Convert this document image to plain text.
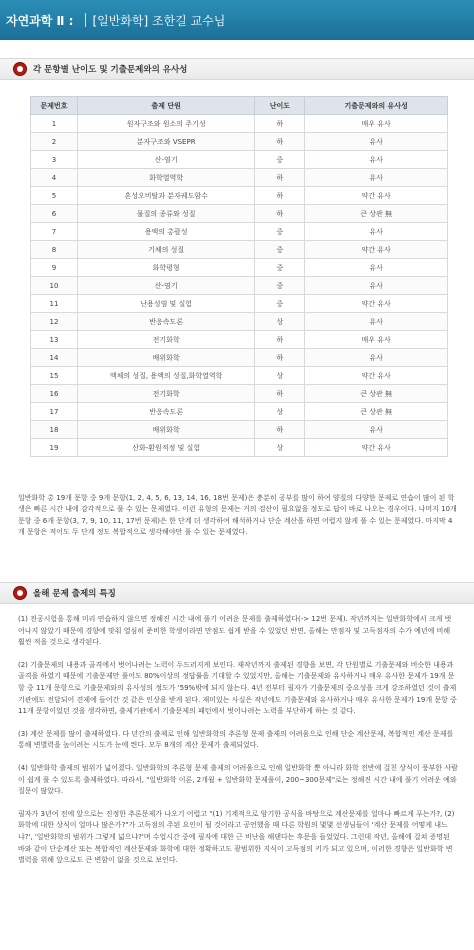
자연과학 Ⅱ :	[일반화학] 조한길 교수님
각 문항별 난이도 및 기출문제와의 유사성
문제번호	출제 단원	난이도	기출문제와의 유사성
1	원자구조와 원소의 주기성	하	매우 유사
2	분자구조와 VSEPR	하	유사
3	산-염기	중	유사
4	화학열역학	하	유사
5	혼성오비탈과 분자궤도함수	하	약간 유사
6	물질의 종류와 성질	하	큰 상관 無
7	용액의 총괄성	중	유사
8	기체의 성질	중	약간 유사
9	화학평형	중	유사
10	산-염기	중	유사
11	난용성염 및 실험	중	약간 유사
12	반응속도론	상	유사
13	전기화학	하	매우 유사
14	배위화학	하	유사
15	액체의 성질, 용액의 성질,화학열역학	상	약간 유사
16	전기화학	하	큰 상관 無
17	반응속도론	상	큰 상관 無
18	배위화학	하	유사
19	산화-환원적정 및 실험	상	약간 유사
일반화학 총 19개 문항 중 9개 문항(1, 2, 4, 5, 6, 13, 14, 16, 18번 문제)은 충분히 공부를 많이 하여 양질의 다양한 문제로 연습이 많이 된 학생은 빠른 시간 내에 감각적으로 풀 수 있는 문제였다. 이런 유형의 문제는 거의 검산이 필요없을 정도로 답이 바로 나오는 경우이다. 나머지 10개 문항 중 6개 문항(3, 7, 9, 10, 11, 17번 문제)은 한 단계 더 생각하여 해석하거나 단순 계산을 하면 어렵지 않게 풀 수 있는 문제였다. 마지막 4개 문항은 적어도 두 단계 정도 복합적으로 생각해야만 풀 수 있는 문제였다.
올해 문제 출제의 특징

(1) 전공시험을 통해 미리 연습하지 않으면 정해진 시간 내에 풀기 어려운 문제를 출제하였다(-> 12번 문제). 작년까지는 일반화학에서 크게 벗어나지 않았기 때문에 경향에 맞춰 열심히 준비한 학생이라면 만점도 쉽게 받을 수 있었던 반면, 올해는 만점자 및 고득점자의 수가 예년에 비해 훨씬 적을 것으로 생각된다.

(2) 기출문제의 내용과 골격에서 벗어나려는 노력이 두드러지게 보인다. 재작년까지 출제된 경향을 보면, 각 단원별로 기출문제와 비슷한 내용과 골격을 하였기 때문에 기출문제만 풀어도 80%이상의 정답률을 기대할 수 있었지만, 올해는 기출문제와 유사하거나 매우 유사한 문제가 19개 문항 중 11개 문항으로 기출문제와의 유사성의 정도가 '59%밖에 되지 않는다. 4년 전부터 필자가 기출문제의 중요성을 크게 강조하였던 것이 출제기관에도 전달되어 견제에 들어간 것 같은 인상을 받게 된다. 재미있는 사실은 작년에도 기출문제와 유사하거나 매우 유사한 문제가 19개 문항 중 11개 문항이었던 것을 생각하면, 출제기관에서 기출문제의 패턴에서 벗어나려는 노력을 부단하게 하는 것 같다.

(3) 계산 문제를 많이 출제하였다. 다 년간의 출제로 인해 일반화학의 추론형 문제 출제의 어려움으로 인해 단순 계산문제, 복합적인 계산 문제를 통해 변별력을 높이려는 시도가 눈에 띈다. 모두 8개의 계산 문제가 출제되었다.

(4) 일반화학 출제의 범위가 넓어졌다. 일반화학의 추론형 문제 출제의 어려움으로 인해 일반화학 뿐 아니라 화학 전반에 걸친 상식이 풍부한 사람이 쉽게 풀 수 있도록 출제하였다. 따라서, "일반화학 이론, 2개월 + 일반화학 문제풀이, 200~300문제"로는 정해진 시간 내에 풀기 어려운 예와 질문이 많았다.

필자가 3년여 전에 앞으로는 진정한 추론문제가 나오기 어렵고 "(1) 기계적으로 암기한 공식을 바탕으로 계산문제를 얼마나 빠르게 푸는가?, (2) 화학에 대한 상식이 얼마나 많은가?"가 고득점의 주된 요인이 될 것이라고 공언했을 때 다른 학원의 몇몇 선생님들이 '계산 문제를 어떻게 내느냐?', '일반화학의 범위가 그렇게 넓으냐?'며 수업시간 중에 필자에 대한 근 비난을 해댄다는 후문을 들었었다. 그런데 작년, 올해에 걸쳐 증명된 바와 같이 단순계산 또는 복합적인 계산문제와 화학에 대한 정확하고도 광범위한 지식이 고득점의 키가 되고 있으며, 이러한 경향은 일반화학 변별력을 위해 앞으로도 큰 변함이 없을 것으로 보인다.
